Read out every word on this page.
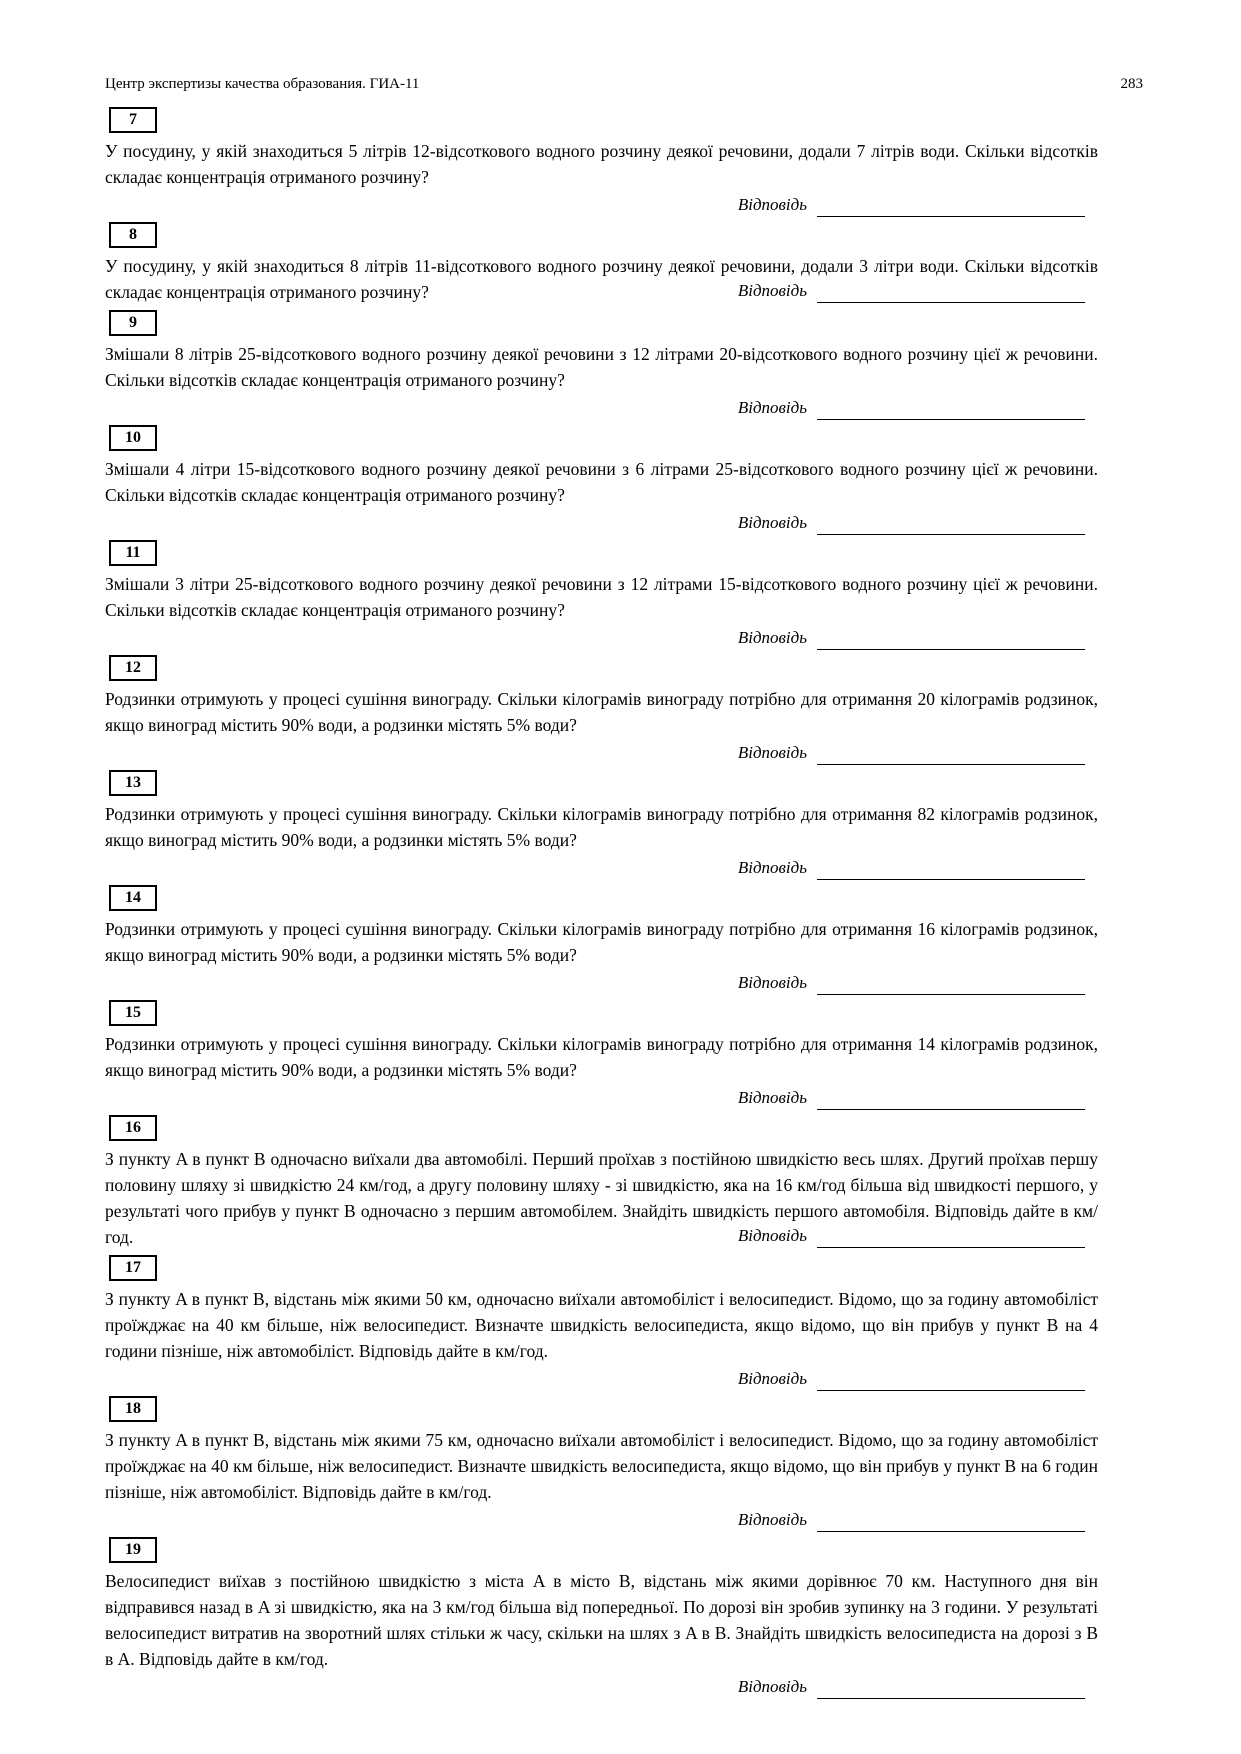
Центр экспертизы качества образования. ГИА-11	283
7

У посудину, у якій знаходиться 5 літрів 12-відсоткового водного розчину деякої речовини, додали 7 літрів води. Скільки відсотків складає концентрація отриманого розчину?

Відповідь
8

У посудину, у якій знаходиться 8 літрів 11-відсоткового водного розчину деякої речовини, додали 3 літри води. Скільки відсотків складає концентрація отриманого розчину?	Відповідь

9

Змішали 8 літрів 25-відсоткового водного розчину деякої речовини з 12 літрами 20-відсоткового водного розчину цієї ж речовини. Скільки відсотків складає концентрація отриманого розчину?

Відповідь
10

Змішали 4 літри 15-відсоткового водного розчину деякої речовини з 6 літрами 25-відсоткового водного розчину цієї ж речовини. Скільки відсотків складає концентрація отриманого розчину?

Відповідь
11

Змішали 3 літри 25-відсоткового водного розчину деякої речовини з 12 літрами 15-відсоткового водного розчину цієї ж речовини. Скільки відсотків складає концентрація отриманого розчину?

Відповідь
12

Родзинки отримують у процесі сушіння винограду. Скільки кілограмів винограду потрібно для отримання 20 кілограмів родзинок, якщо виноград містить 90% води, а родзинки містять 5% води?

Відповідь
13

Родзинки отримують у процесі сушіння винограду. Скільки кілограмів винограду потрібно для отримання 82 кілограмів родзинок, якщо виноград містить 90% води, а родзинки містять 5% води?

Відповідь
14

Родзинки отримують у процесі сушіння винограду. Скільки кілограмів винограду потрібно для отримання 16 кілограмів родзинок, якщо виноград містить 90% води, а родзинки містять 5% води?

Відповідь
15

Родзинки отримують у процесі сушіння винограду. Скільки кілограмів винограду потрібно для отримання 14 кілограмів родзинок, якщо виноград містить 90% води, а родзинки містять 5% води?

Відповідь
16

З пункту A в пункт B одночасно виїхали два автомобілі. Перший проїхав з постійною швидкістю весь шлях. Другий проїхав першу половину шляху зі швидкістю 24 км/год, а другу половину шляху - зі швидкістю, яка на 16 км/год більша від швидкості першого, у результаті чого прибув у пункт B одночасно з першим автомобілем. Знайдіть швидкість першого автомобіля. Відповідь дайте в км/год.	Відповідь

17

З пункту A в пункт B, відстань між якими 50 км, одночасно виїхали автомобіліст і велосипедист. Відомо, що за годину автомобіліст проїжджає на 40 км більше, ніж велосипедист. Визначте швидкість велосипедиста, якщо відомо, що він прибув у пункт В на 4 години пізніше, ніж автомобіліст. Відповідь дайте в км/год.

Відповідь
18

З пункту A в пункт B, відстань між якими 75 км, одночасно виїхали автомобіліст і велосипедист. Відомо, що за годину автомобіліст проїжджає на 40 км більше, ніж велосипедист. Визначте швидкість велосипедиста, якщо відомо, що він прибув у пункт В на 6 годин пізніше, ніж автомобіліст. Відповідь дайте в км/год.

Відповідь
19

Велосипедист виїхав з постійною швидкістю з міста A в місто B, відстань між якими дорівнює 70 км. Наступного дня він відправився назад в A зі швидкістю, яка на 3 км/год більша від попередньої. По дорозі він зробив зупинку на 3 години. У результаті велосипедист витратив на зворотний шлях стільки ж часу, скільки на шлях з A в B. Знайдіть швидкість велосипедиста на дорозі з B в A. Відповідь дайте в км/год.

Відповідь
